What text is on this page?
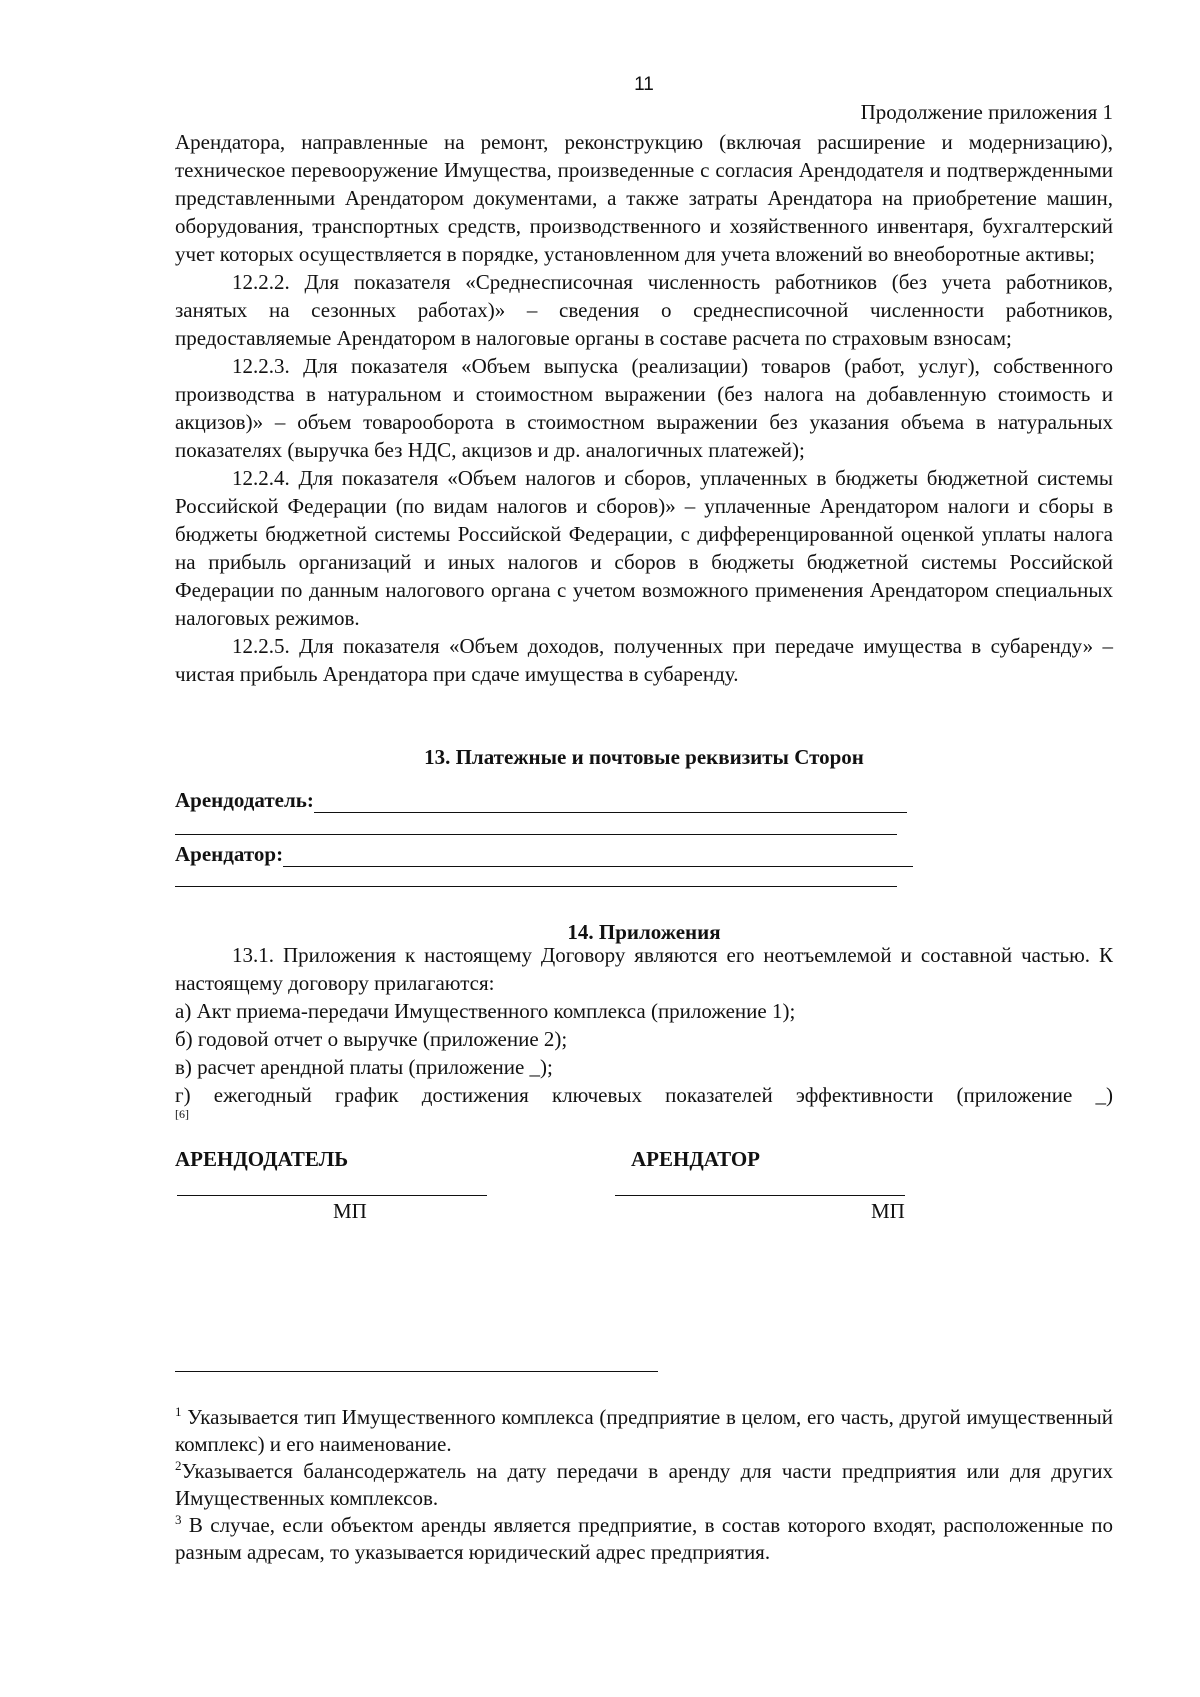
11
Продолжение приложения 1

Арендатора, направленные на ремонт, реконструкцию (включая расширение и модернизацию), техническое перевооружение Имущества, произведенные с согласия Арендодателя и подтвержденными представленными Арендатором документами, а также затраты Арендатора на приобретение машин, оборудования, транспортных средств, производственного и хозяйственного инвентаря, бухгалтерский учет которых осуществляется в порядке, установленном для учета вложений во внеоборотные активы;

12.2.2. Для показателя «Среднесписочная численность работников (без учета работников, занятых на сезонных работах)» – сведения о среднесписочной численности работников, предоставляемые Арендатором в налоговые органы в составе расчета по страховым взносам;

12.2.3. Для показателя «Объем выпуска (реализации) товаров (работ, услуг), собственного производства в натуральном и стоимостном выражении (без налога на добавленную стоимость и акцизов)» – объем товарооборота в стоимостном выражении без указания объема в натуральных показателях (выручка без НДС, акцизов и др. аналогичных платежей);

12.2.4. Для показателя «Объем налогов и сборов, уплаченных в бюджеты бюджетной системы Российской Федерации (по видам налогов и сборов)» – уплаченные Арендатором налоги и сборы в бюджеты бюджетной системы Российской Федерации, с дифференцированной оценкой уплаты налога на прибыль организаций и иных налогов и сборов в бюджеты бюджетной системы Российской Федерации по данным налогового органа с учетом возможного применения Арендатором специальных налоговых режимов.

12.2.5. Для показателя «Объем доходов, полученных при передаче имущества в субаренду» – чистая прибыль Арендатора при сдаче имущества в субаренду.

13. Платежные и почтовые реквизиты Сторон
Арендодатель:
Арендатор:
14. Приложения

13.1. Приложения к настоящему Договору являются его неотъемлемой и составной частью. К настоящему договору прилагаются:

а) Акт приема-передачи Имущественного комплекса (приложение 1);

б) годовой отчет о выручке (приложение 2);

в) расчет арендной платы (приложение _);

г) ежегодный график достижения ключевых показателей эффективности (приложение _)

[6]
АРЕНДОДАТЕЛЬ	АРЕНДАТОР
МП	МП

$^1$ Указывается тип Имущественного комплекса (предприятие в целом, его часть, другой имущественный комплекс) и его наименование.

$^2$Указывается балансодержатель на дату передачи в аренду для части предприятия или для других Имущественных комплексов.

$^3$ В случае, если объектом аренды является предприятие, в состав которого входят, расположенные по разным адресам, то указывается юридический адрес предприятия.
